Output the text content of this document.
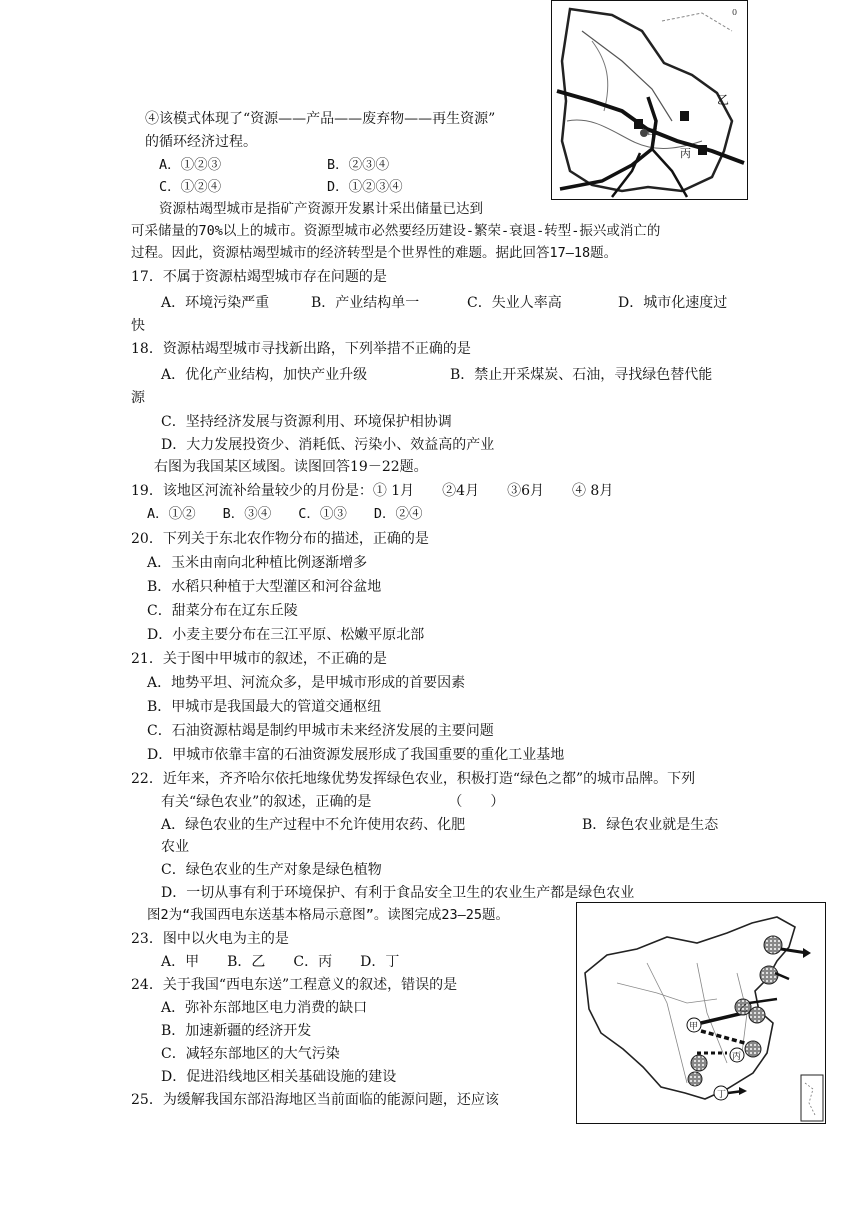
甲
乙
丙
0
甲
乙
丙
丁
④该模式体现了“资源——产品——废弃物——再生资源”
的循环经济过程。
A．①②③	B．②③④
C．①②④	D．①②③④
资源枯竭型城市是指矿产资源开发累计采出储量已达到
可采储量的70%以上的城市。资源型城市必然要经历建设-繁荣-衰退-转型-振兴或消亡的
过程。因此，资源枯竭型城市的经济转型是个世界性的难题。据此回答17—18题。
17．不属于资源枯竭型城市存在问题的是
A．环境污染严重	B．产业结构单一	C．失业人率高	D．城市化速度过
快
18．资源枯竭型城市寻找新出路，下列举措不正确的是
A．优化产业结构，加快产业升级	B．禁止开采煤炭、石油，寻找绿色替代能
源
C．坚持经济发展与资源利用、环境保护相协调
D．大力发展投资少、消耗低、污染小、效益高的产业
右图为我国某区域图。读图回答19－22题。
19．该地区河流补给量较少的月份是：① 1月　　②4月　　③6月　　④ 8月
A．①②　　B．③④　　C．①③　　D．②④
20．下列关于东北农作物分布的描述，正确的是
A．玉米由南向北种植比例逐渐增多
B．水稻只种植于大型灌区和河谷盆地
C．甜菜分布在辽东丘陵
D．小麦主要分布在三江平原、松嫩平原北部
21．关于图中甲城市的叙述，不正确的是
A．地势平坦、河流众多，是甲城市形成的首要因素
B．甲城市是我国最大的管道交通枢纽
C．石油资源枯竭是制约甲城市未来经济发展的主要问题
D．甲城市依靠丰富的石油资源发展形成了我国重要的重化工业基地
22．近年来，齐齐哈尔依托地缘优势发挥绿色农业，积极打造“绿色之都”的城市品牌。下列
有关“绿色农业”的叙述，正确的是　　　　　　（　　）
A．绿色农业的生产过程中不允许使用农药、化肥	B．绿色农业就是生态
农业
C．绿色农业的生产对象是绿色植物
D．一切从事有利于环境保护、有利于食品安全卫生的农业生产都是绿色农业
图2为“我国西电东送基本格局示意图”。读图完成23—25题。
23．图中以火电为主的是
A．甲　　B．乙　　C．丙　　D．丁
24．关于我国“西电东送”工程意义的叙述，错误的是
A．弥补东部地区电力消费的缺口
B．加速新疆的经济开发
C．减轻东部地区的大气污染
D．促进沿线地区相关基础设施的建设
25．为缓解我国东部沿海地区当前面临的能源问题，还应该
